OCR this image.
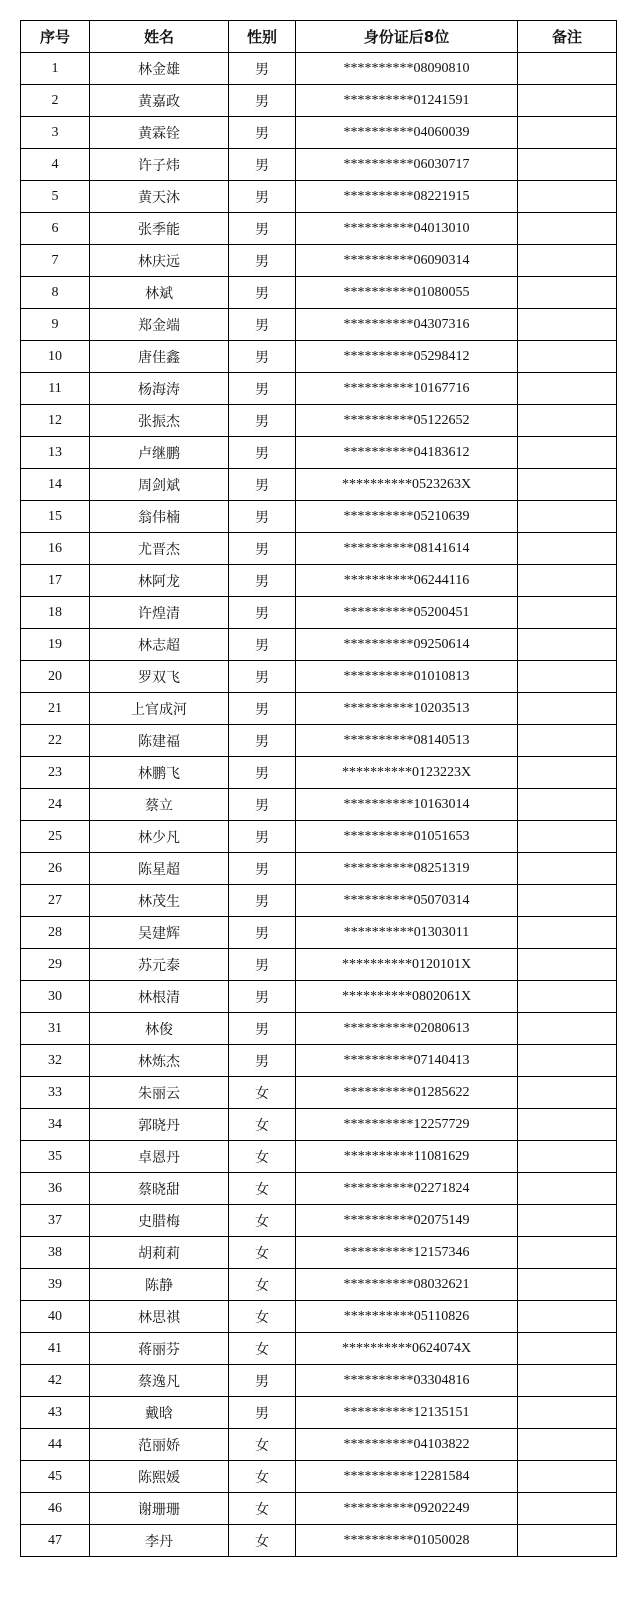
序号	姓名	性别	身份证后8位	备注
1	林金雄	男	**********08090810	
2	黄嘉政	男	**********01241591	
3	黄霖铨	男	**********04060039	
4	许子炜	男	**********06030717	
5	黄天沐	男	**********08221915	
6	张季能	男	**********04013010	
7	林庆远	男	**********06090314	
8	林斌	男	**********01080055	
9	郑金端	男	**********04307316	
10	唐佳鑫	男	**********05298412	
11	杨海涛	男	**********10167716	
12	张振杰	男	**********05122652	
13	卢继鹏	男	**********04183612	
14	周剑斌	男	**********0523263X	
15	翁伟楠	男	**********05210639	
16	尤晋杰	男	**********08141614	
17	林阿龙	男	**********06244116	
18	许煌清	男	**********05200451	
19	林志超	男	**********09250614	
20	罗双飞	男	**********01010813	
21	上官成河	男	**********10203513	
22	陈建福	男	**********08140513	
23	林鹏飞	男	**********0123223X	
24	蔡立	男	**********10163014	
25	林少凡	男	**********01051653	
26	陈星超	男	**********08251319	
27	林茂生	男	**********05070314	
28	吴建辉	男	**********01303011	
29	苏元泰	男	**********0120101X	
30	林根清	男	**********0802061X	
31	林俊	男	**********02080613	
32	林炼杰	男	**********07140413	
33	朱丽云	女	**********01285622	
34	郭晓丹	女	**********12257729	
35	卓恩丹	女	**********11081629	
36	蔡晓甜	女	**********02271824	
37	史腊梅	女	**********02075149	
38	胡莉莉	女	**********12157346	
39	陈静	女	**********08032621	
40	林思祺	女	**********05110826	
41	蒋丽芬	女	**********0624074X	
42	蔡逸凡	男	**********03304816	
43	戴晗	男	**********12135151	
44	范丽娇	女	**********04103822	
45	陈熙媛	女	**********12281584	
46	谢珊珊	女	**********09202249	
47	李丹	女	**********01050028	
